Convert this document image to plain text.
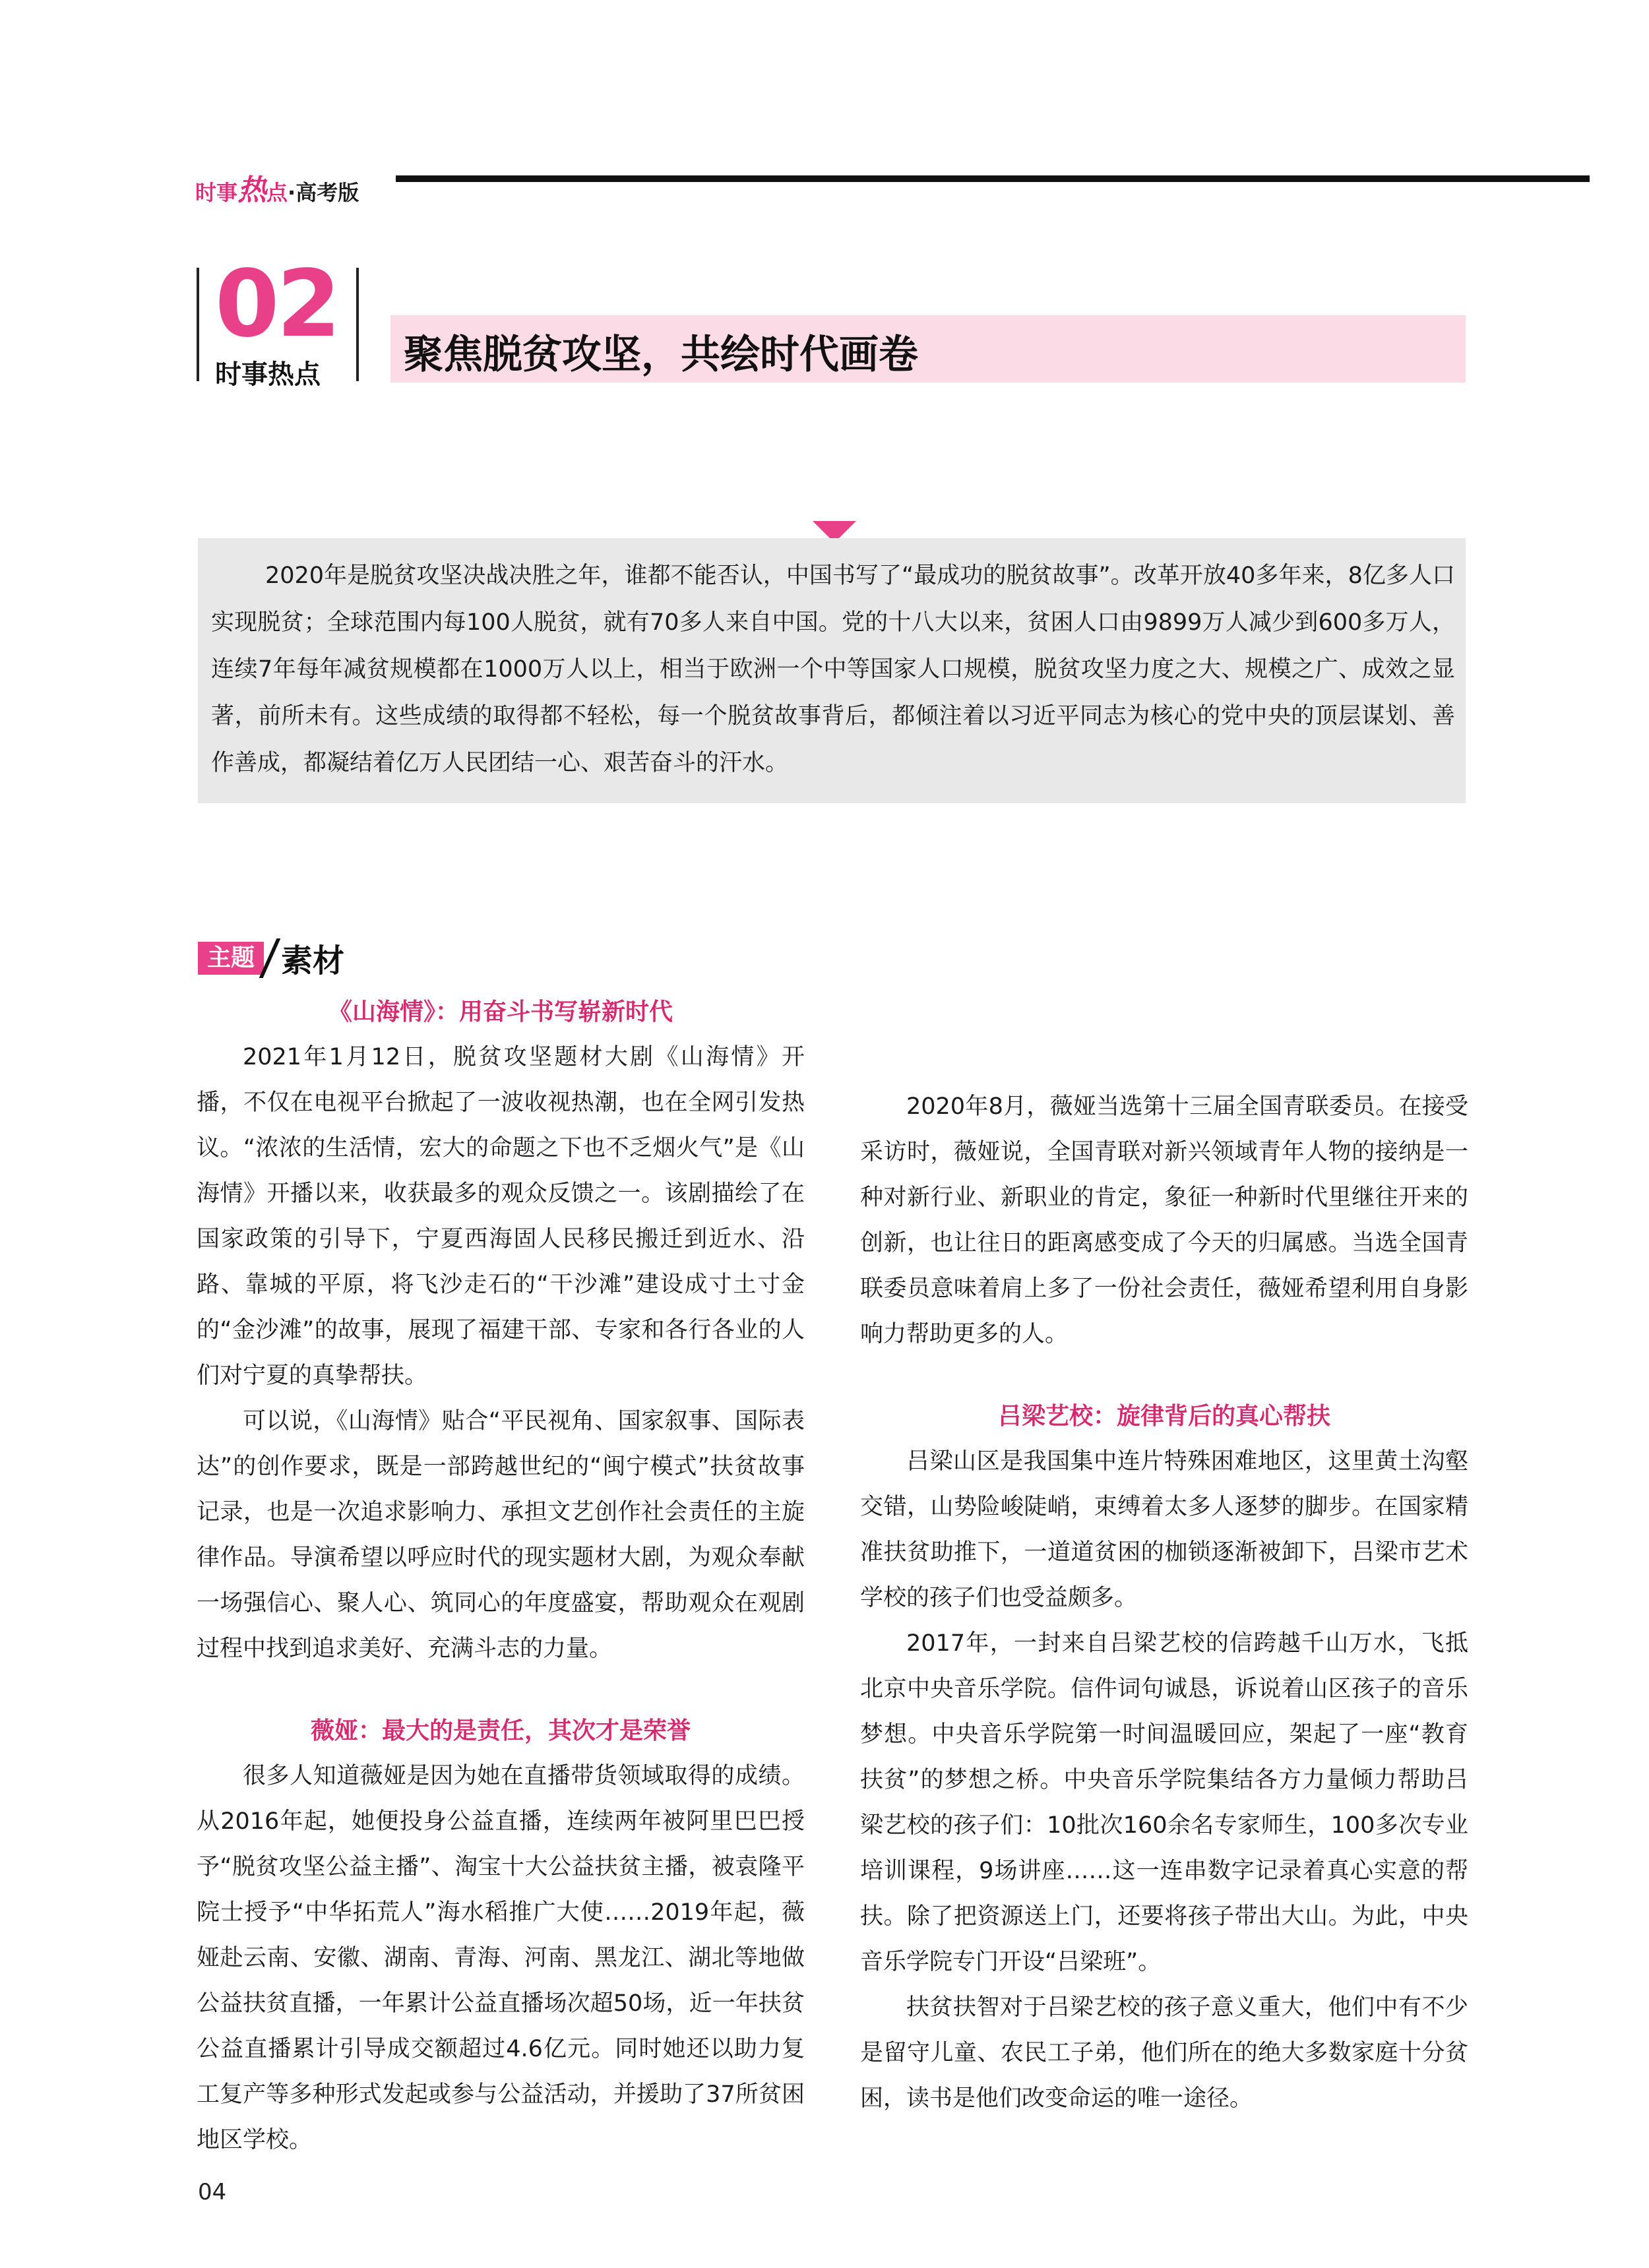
时事热点·高考版
02
时事热点 聚焦脱贫攻坚，共绘时代画卷

2020年是脱贫攻坚决战决胜之年，谁都不能否认，中国书写了“最成功的脱贫故事”。改革开放40多年来，8亿多人口实现脱贫；全球范围内每100人脱贫，就有70多人来自中国。党的十八大以来，贫困人口由9899万人减少到600多万人，连续7年每年减贫规模都在1000万人以上，相当于欧洲一个中等国家人口规模，脱贫攻坚力度之大、规模之广、成效之显著，前所未有。这些成绩的取得都不轻松，每一个脱贫故事背后，都倾注着以习近平同志为核心的党中央的顶层谋划、善作善成，都凝结着亿万人民团结一心、艰苦奋斗的汗水。

主题 素材
《山海情》：用奋斗书写崭新时代

2021年1月12日，脱贫攻坚题材大剧《山海情》开播，不仅在电视平台掀起了一波收视热潮，也在全网引发热议。“浓浓的生活情，宏大的命题之下也不乏烟火气”是《山海情》开播以来，收获最多的观众反馈之一。该剧描绘了在国家政策的引导下，宁夏西海固人民移民搬迁到近水、沿路、靠城的平原，将飞沙走石的“干沙滩”建设成寸土寸金的“金沙滩”的故事，展现了福建干部、专家和各行各业的人们对宁夏的真挚帮扶。

可以说，《山海情》贴合“平民视角、国家叙事、国际表达”的创作要求，既是一部跨越世纪的“闽宁模式”扶贫故事记录，也是一次追求影响力、承担文艺创作社会责任的主旋律作品。导演希望以呼应时代的现实题材大剧，为观众奉献一场强信心、聚人心、筑同心的年度盛宴，帮助观众在观剧过程中找到追求美好、充满斗志的力量。

薇娅：最大的是责任，其次才是荣誉

很多人知道薇娅是因为她在直播带货领域取得的成绩。从2016年起，她便投身公益直播，连续两年被阿里巴巴授予“脱贫攻坚公益主播”、淘宝十大公益扶贫主播，被袁隆平院士授予“中华拓荒人”海水稻推广大使……2019年起，薇娅赴云南、安徽、湖南、青海、河南、黑龙江、湖北等地做公益扶贫直播，一年累计公益直播场次超50场，近一年扶贫公益直播累计引导成交额超过4.6亿元。同时她还以助力复工复产等多种形式发起或参与公益活动，并援助了37所贫困地区学校。

2020年8月，薇娅当选第十三届全国青联委员。在接受采访时，薇娅说，全国青联对新兴领域青年人物的接纳是一种对新行业、新职业的肯定，象征一种新时代里继往开来的创新，也让往日的距离感变成了今天的归属感。当选全国青联委员意味着肩上多了一份社会责任，薇娅希望利用自身影响力帮助更多的人。

吕梁艺校：旋律背后的真心帮扶

吕梁山区是我国集中连片特殊困难地区，这里黄土沟壑交错，山势险峻陡峭，束缚着太多人逐梦的脚步。在国家精准扶贫助推下，一道道贫困的枷锁逐渐被卸下，吕梁市艺术学校的孩子们也受益颇多。

2017年，一封来自吕梁艺校的信跨越千山万水，飞抵北京中央音乐学院。信件词句诚恳，诉说着山区孩子的音乐梦想。中央音乐学院第一时间温暖回应，架起了一座“教育扶贫”的梦想之桥。中央音乐学院集结各方力量倾力帮助吕梁艺校的孩子们：10批次160余名专家师生，100多次专业培训课程，9场讲座……这一连串数字记录着真心实意的帮扶。除了把资源送上门，还要将孩子带出大山。为此，中央音乐学院专门开设“吕梁班”。

扶贫扶智对于吕梁艺校的孩子意义重大，他们中有不少是留守儿童、农民工子弟，他们所在的绝大多数家庭十分贫困，读书是他们改变命运的唯一途径。

04
